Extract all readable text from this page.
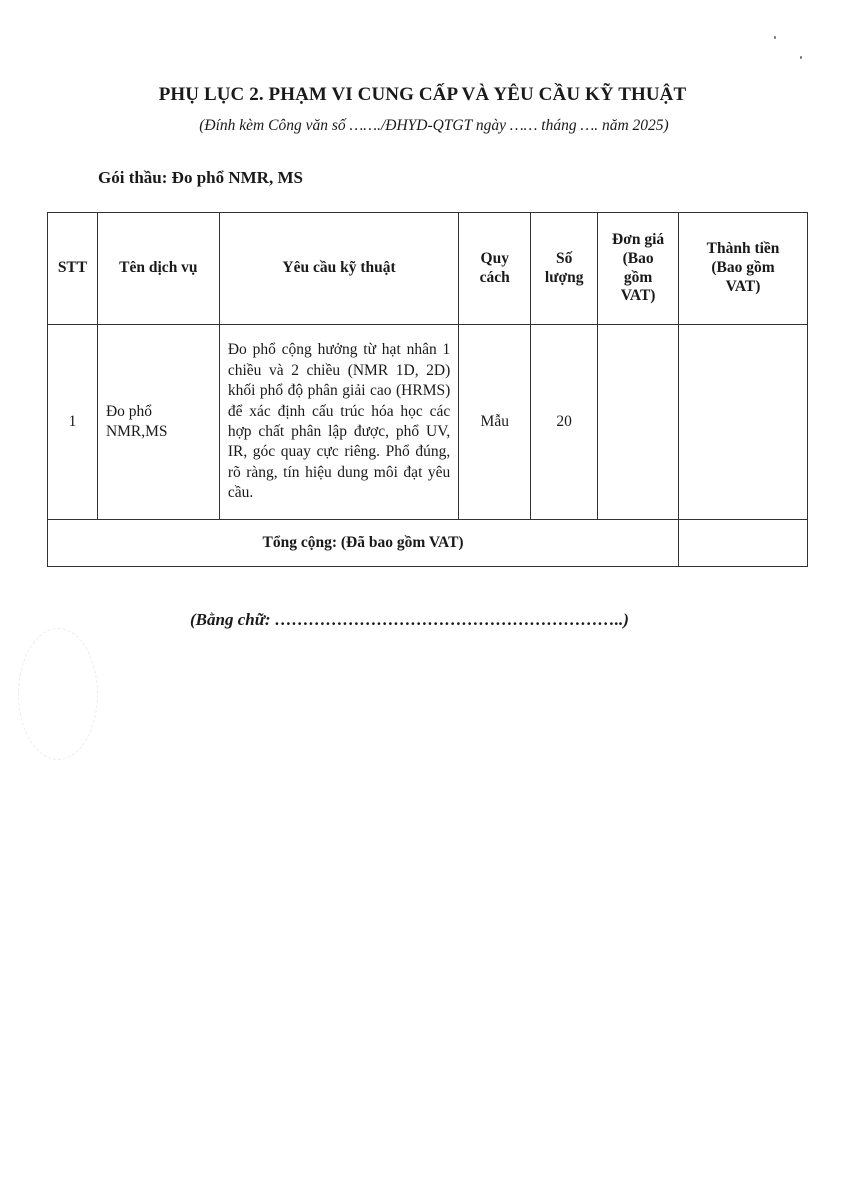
PHỤ LỤC 2. PHẠM VI CUNG CẤP VÀ YÊU CẦU KỸ THUẬT
(Đính kèm Công văn số ……./ĐHYD-QTGT ngày …… tháng …. năm 2025)
Gói thầu: Đo phổ NMR, MS
STT	Tên dịch vụ	Yêu cầu kỹ thuật	Quy cách	Số lượng	Đơn giá (Bao gồm VAT)	Thành tiền (Bao gồm VAT)

1	Đo phổ NMR,MS	Đo phổ cộng hưởng từ hạt nhân 1 chiều và 2 chiều (NMR 1D, 2D) khối phổ độ phân giải cao (HRMS) để xác định cấu trúc hóa học các hợp chất phân lập được, phổ UV, IR, góc quay cực riêng. Phổ đúng, rõ ràng, tín hiệu dung môi đạt yêu cầu.	Mẫu	20		
Tổng cộng: (Đã bao gồm VAT)						
(Bằng chữ: ……………………………………………………..)
